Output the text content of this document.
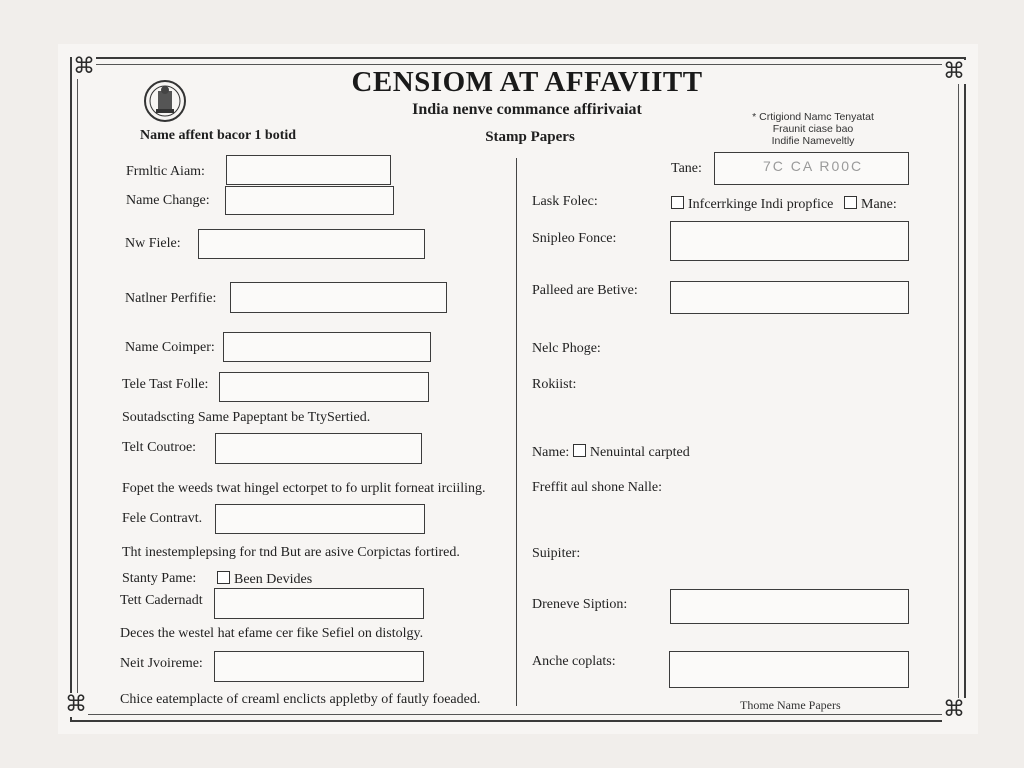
⌘	⌘
⌘	⌘
Name affent bacor 1 botid
CENSIOM AT AFFAVIITT
India nenve commance affirivaiat
Stamp Papers
* Crtigiond Namc Tenyatat
Fraunit ciase bao
Indifie Nameveltly
Frmltic Aiam:
Name Change:
Nw Fiele:
Natlner Perfifie:
Name Coimper:
Tele Tast Folle:
Soutadscting Same Papeptant be TtySertied.
Telt Coutroe:
Fopet the weeds twat hingel ectorpet to fo urplit forneat irciiling.
Fele Contravt.
Tht inestemplepsing for tnd But are asive Corpictas fortired.
Stanty Pame:	Been Devides
Tett Cadernadt
Deces the westel hat efame cer fike Sefiel on distolgy.
Neit Jvoireme:
Chice eatemplacte of creaml enclicts appletby of fautly foeaded.
Tane:	7C CA R00C
Lask Folec:	Infcerrkinge Indi propfice	Mane:
Snipleo Fonce:
Palleed are Betive:
Nelc Phoge:
Rokiist:
Name: Nenuintal carpted
Freffit aul shone Nalle:
Suipiter:
Dreneve Siption:
Anche coplats:
Thome Name Papers
